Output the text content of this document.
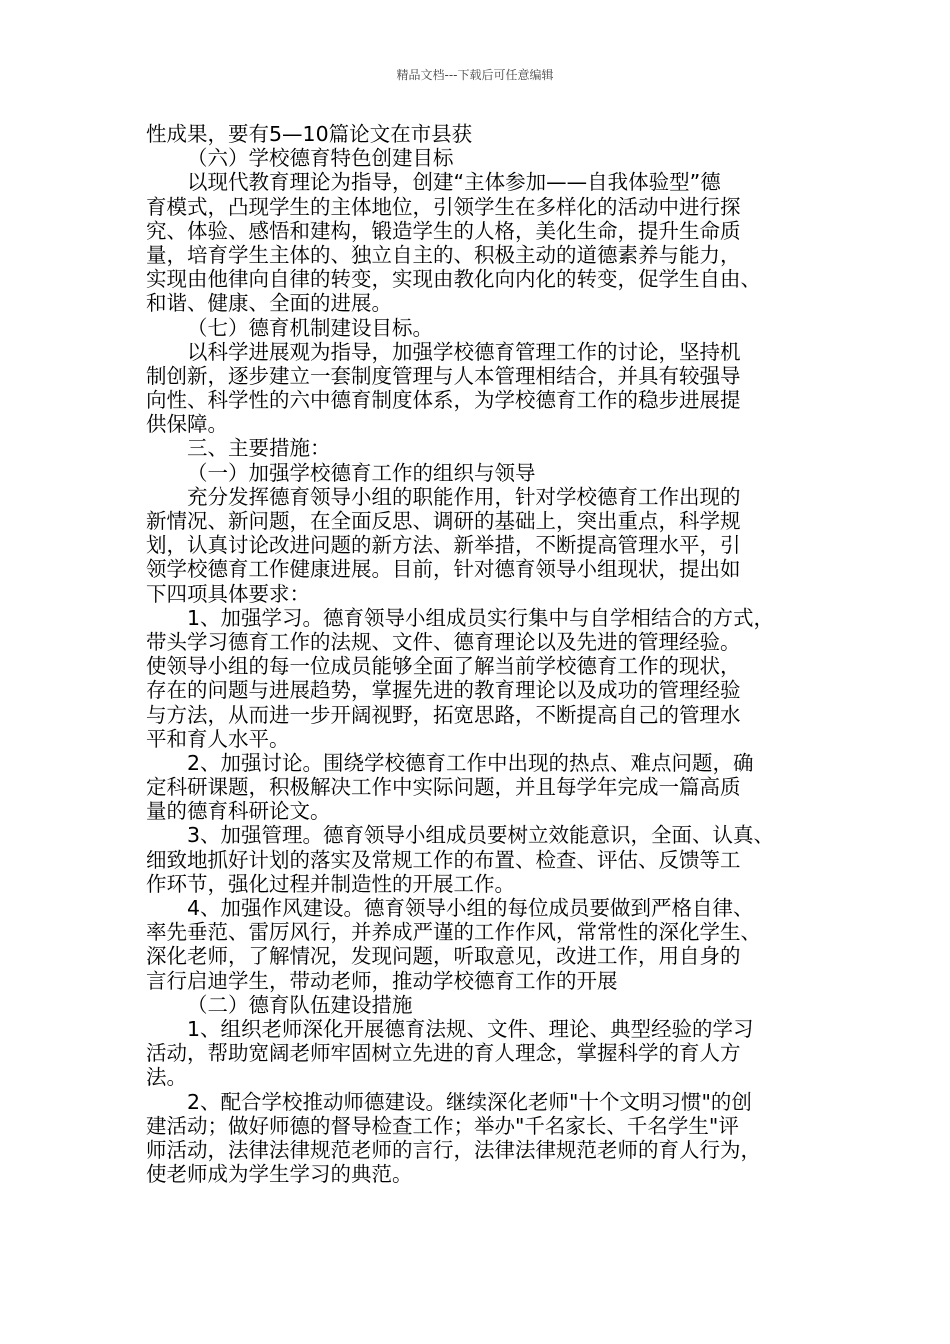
精品文档---下载后可任意编辑
性成果，要有5—10篇论文在市县获
（六）学校德育特色创建目标
以现代教育理论为指导，创建“主体参加——自我体验型”德
育模式，凸现学生的主体地位，引领学生在多样化的活动中进行探
究、体验、感悟和建构，锻造学生的人格，美化生命，提升生命质
量，培育学生主体的、独立自主的、积极主动的道德素养与能力，
实现由他律向自律的转变，实现由教化向内化的转变，促学生自由、
和谐、健康、全面的进展。
（七）德育机制建设目标。
以科学进展观为指导，加强学校德育管理工作的讨论，坚持机
制创新，逐步建立一套制度管理与人本管理相结合，并具有较强导
向性、科学性的六中德育制度体系，为学校德育工作的稳步进展提
供保障。
三、主要措施：
（一）加强学校德育工作的组织与领导
充分发挥德育领导小组的职能作用，针对学校德育工作出现的
新情况、新问题，在全面反思、调研的基础上，突出重点，科学规
划，认真讨论改进问题的新方法、新举措，不断提高管理水平，引
领学校德育工作健康进展。目前，针对德育领导小组现状，提出如
下四项具体要求：
1、加强学习。德育领导小组成员实行集中与自学相结合的方式，
带头学习德育工作的法规、文件、德育理论以及先进的管理经验。
使领导小组的每一位成员能够全面了解当前学校德育工作的现状，
存在的问题与进展趋势，掌握先进的教育理论以及成功的管理经验
与方法，从而进一步开阔视野，拓宽思路，不断提高自己的管理水
平和育人水平。
2、加强讨论。围绕学校德育工作中出现的热点、难点问题，确
定科研课题，积极解决工作中实际问题，并且每学年完成一篇高质
量的德育科研论文。
3、加强管理。德育领导小组成员要树立效能意识，全面、认真、
细致地抓好计划的落实及常规工作的布置、检查、评估、反馈等工
作环节，强化过程并制造性的开展工作。
4、加强作风建设。德育领导小组的每位成员要做到严格自律、
率先垂范、雷厉风行，并养成严谨的工作作风，常常性的深化学生、
深化老师，了解情况，发现问题，听取意见，改进工作，用自身的
言行启迪学生，带动老师，推动学校德育工作的开展
（二）德育队伍建设措施
1、组织老师深化开展德育法规、文件、理论、典型经验的学习
活动，帮助宽阔老师牢固树立先进的育人理念，掌握科学的育人方
法。
2、配合学校推动师德建设。继续深化老师"十个文明习惯"的创
建活动；做好师德的督导检查工作；举办"千名家长、千名学生"评
师活动，法律法律规范老师的言行，法律法律规范老师的育人行为，
使老师成为学生学习的典范。
